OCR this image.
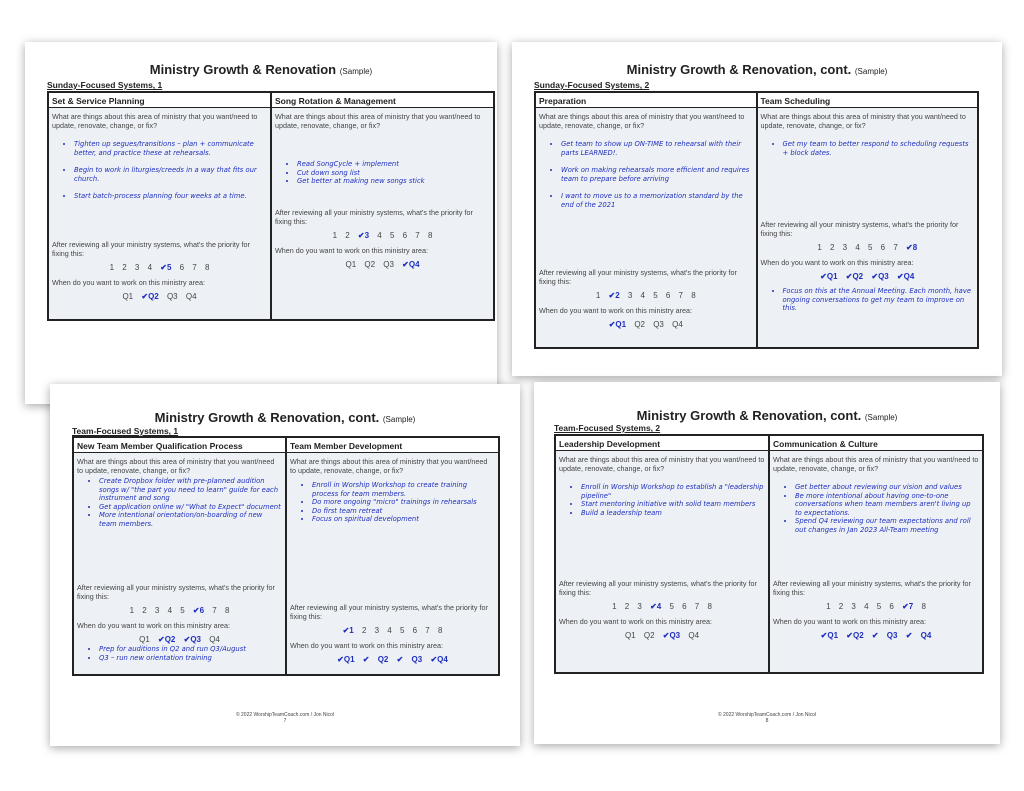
Ministry Growth & Renovation (Sample)
Sunday-Focused Systems, 1
Set & Service Planning

What are things about this area of ministry that you want/need to update, renovate, change, or fix?

• Tighten up segues/transitions – plan + communicate better, and practice these at rehearsals.
• Begin to work in liturgies/creeds in a way that fits our church.
• Start batch-process planning four weeks at a time.

After reviewing all your ministry systems, what's the priority for fixing this:

1 2 3 4 ✔5 6 7 8

When do you want to work on this ministry area:

Q1 ✔Q2 Q3 Q4
Song Rotation & Management

What are things about this area of ministry that you want/need to update, renovate, change, or fix?

• Read SongCycle + implement
• Cut down song list
• Get better at making new songs stick

After reviewing all your ministry systems, what's the priority for fixing this:

1 2 ✔3 4 5 6 7 8

When do you want to work on this ministry area:

Q1 Q2 Q3 ✔Q4
Ministry Growth & Renovation, cont. (Sample)
Sunday-Focused Systems, 2
Preparation

What are things about this area of ministry that you want/need to update, renovate, change, or fix?

• Get team to show up ON-TIME to rehearsal with their parts LEARNED!.
• Work on making rehearsals more efficient and requires team to prepare before arriving
• I want to move us to a memorization standard by the end of the 2021

After reviewing all your ministry systems, what's the priority for fixing this:

1 ✔2 3 4 5 6 7 8

When do you want to work on this ministry area:

✔Q1 Q2 Q3 Q4
Team Scheduling

What are things about this area of ministry that you want/need to update, renovate, change, or fix?

• Get my team to better respond to scheduling requests + block dates.

After reviewing all your ministry systems, what's the priority for fixing this:

1 2 3 4 5 6 7 ✔8

When do you want to work on this ministry area:

✔Q1 ✔Q2 ✔Q3 ✔Q4
• Focus on this at the Annual Meeting. Each month, have ongoing conversations to get my team to improve on this.
Ministry Growth & Renovation, cont. (Sample)
Team-Focused Systems, 1
New Team Member Qualification Process

What are things about this area of ministry that you want/need to update, renovate, change, or fix?

• Create Dropbox folder with pre-planned audition songs w/ "the part you need to learn" guide for each instrument and song
• Get application online w/ "What to Expect" document
• More intentional orientation/on-boarding of new team members.

After reviewing all your ministry systems, what's the priority for fixing this:

1 2 3 4 5 ✔6 7 8

When do you want to work on this ministry area:

Q1 ✔Q2 ✔Q3 Q4
• Prep for auditions in Q2 and run Q3/August
• Q3 – run new orientation training
Team Member Development

What are things about this area of ministry that you want/need to update, renovate, change, or fix?

• Enroll in Worship Workshop to create training process for team members.
• Do more ongoing "micro" trainings in rehearsals
• Do first team retreat
• Focus on spiritual development

After reviewing all your ministry systems, what's the priority for fixing this:

✔1 2 3 4 5 6 7 8

When do you want to work on this ministry area:

✔Q1 ✔ Q2 ✔ Q3 ✔Q4
© 2022 WorshipTeamCoach.com / Jon Nicol
7
Ministry Growth & Renovation, cont. (Sample)
Team-Focused Systems, 2
Leadership Development

What are things about this area of ministry that you want/need to update, renovate, change, or fix?

• Enroll in Worship Workshop to establish a "leadership pipeline"
• Start mentoring initiative with solid team members
• Build a leadership team

After reviewing all your ministry systems, what's the priority for fixing this:

1 2 3 ✔4 5 6 7 8

When do you want to work on this ministry area:

Q1 Q2 ✔Q3 Q4
Communication & Culture

What are things about this area of ministry that you want/need to update, renovate, change, or fix?

• Get better about reviewing our vision and values
• Be more intentional about having one-to-one conversations when team members aren't living up to expectations.
• Spend Q4 reviewing our team expectations and roll out changes in Jan 2023 All-Team meeting

After reviewing all your ministry systems, what's the priority for fixing this:

1 2 3 4 5 6 ✔7 8

When do you want to work on this ministry area:

✔Q1 ✔Q2 ✔ Q3 ✔ Q4
© 2022 WorshipTeamCoach.com / Jon Nicol
8
